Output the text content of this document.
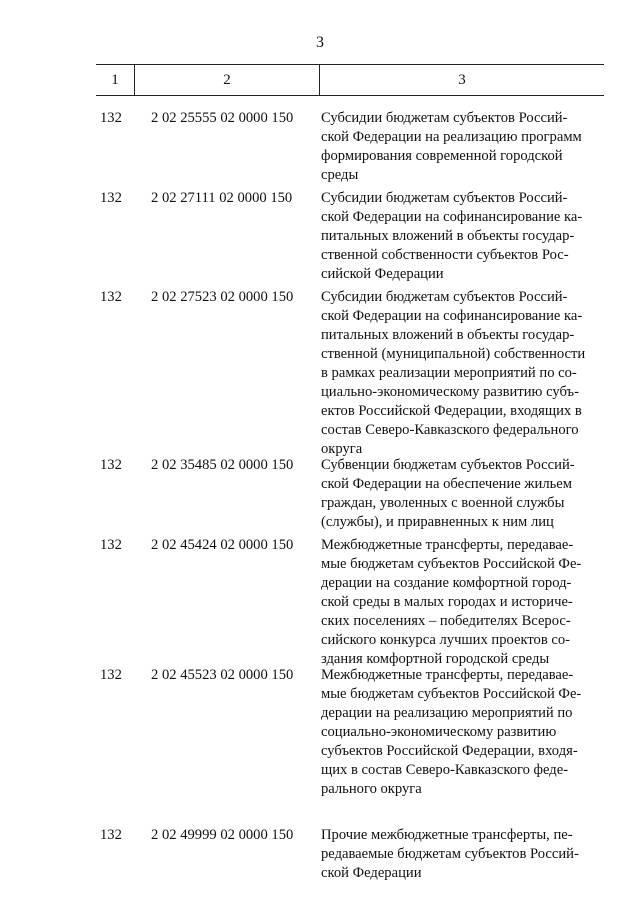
3
1	2	3
132	2 02 25555 02 0000 150	Субсидии бюджетам субъектов Россий-
ской Федерации на реализацию программ
формирования современной городской
среды
132	2 02 27111 02 0000 150	Субсидии бюджетам субъектов Россий-
ской Федерации на софинансирование ка-
питальных вложений в объекты государ-
ственной собственности субъектов Рос-
сийской Федерации
132	2 02 27523 02 0000 150	Субсидии бюджетам субъектов Россий-
ской Федерации на софинансирование ка-
питальных вложений в объекты государ-
ственной (муниципальной) собственности
в рамках реализации мероприятий по со-
циально-экономическому развитию субъ-
ектов Российской Федерации, входящих в
состав Северо-Кавказского федерального
округа
132	2 02 35485 02 0000 150	Субвенции бюджетам субъектов Россий-
ской Федерации на обеспечение жильем
граждан, уволенных с военной службы
(службы), и приравненных к ним лиц
132	2 02 45424 02 0000 150	Межбюджетные трансферты, передавае-
мые бюджетам субъектов Российской Фе-
дерации на создание комфортной город-
ской среды в малых городах и историче-
ских поселениях – победителях Всерос-
сийского конкурса лучших проектов со-
здания комфортной городской среды
132	2 02 45523 02 0000 150	Межбюджетные трансферты, передавае-
мые бюджетам субъектов Российской Фе-
дерации на реализацию мероприятий по
социально-экономическому развитию
субъектов Российской Федерации, входя-
щих в состав Северо-Кавказского феде-
рального округа
132	2 02 49999 02 0000 150	Прочие межбюджетные трансферты, пе-
редаваемые бюджетам субъектов Россий-
ской Федерации
